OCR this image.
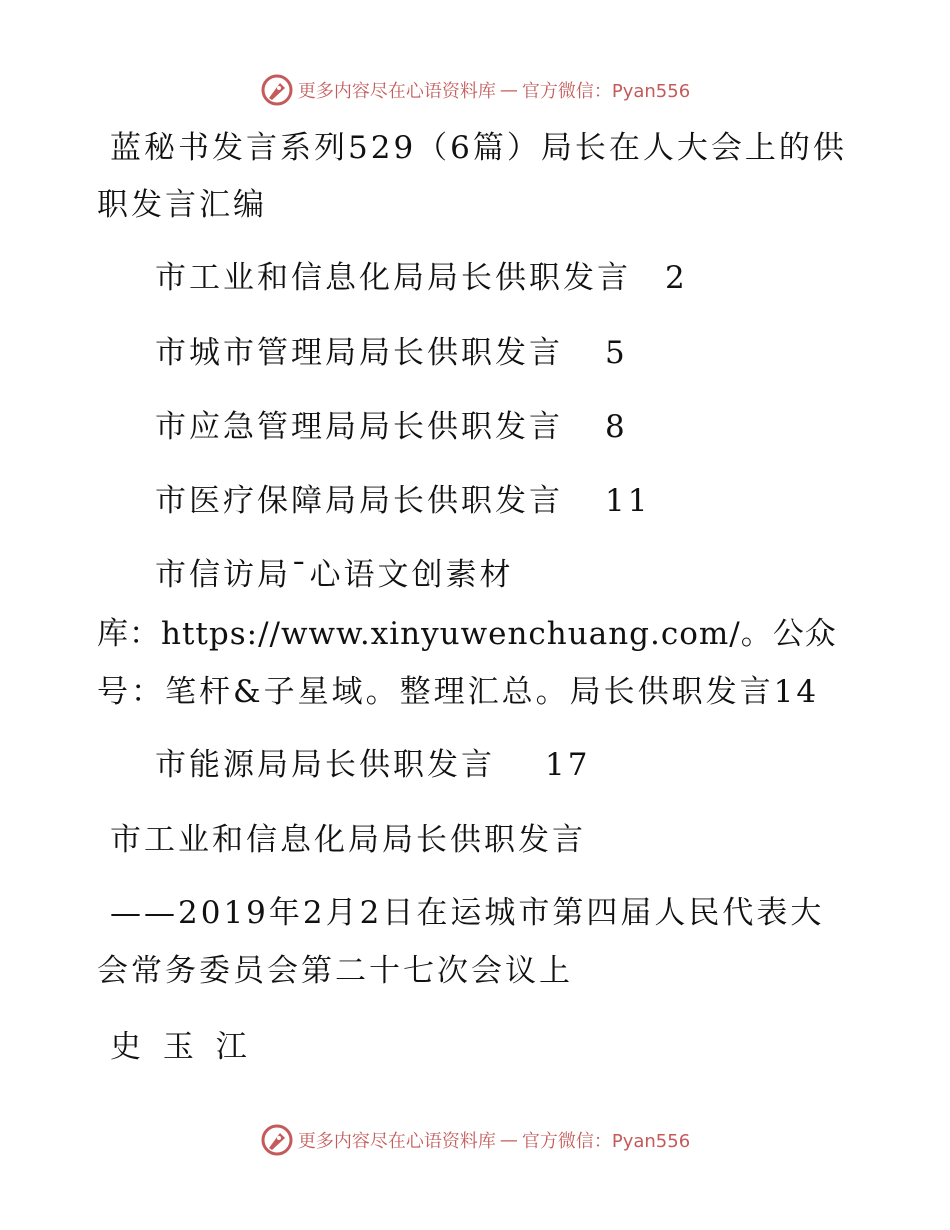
更多内容尽在心语资料库 — 官方微信：Pyan556
蓝秘书发言系列529（6篇）局长在人大会上的供
职发言汇编
市工业和信息化局局长供职发言 2
市城市管理局局长供职发言 5
市应急管理局局长供职发言 8
市医疗保障局局长供职发言 11
市信访局¯心语文创素材
库：https://www.xinyuwenchuang.com/。公众
号：笔杆&子星域。整理汇总。局长供职发言14
市能源局局长供职发言 17
市工业和信息化局局长供职发言
——2019年2月2日在运城市第四届人民代表大
会常务委员会第二十七次会议上
史 玉 江
更多内容尽在心语资料库 — 官方微信：Pyan556
